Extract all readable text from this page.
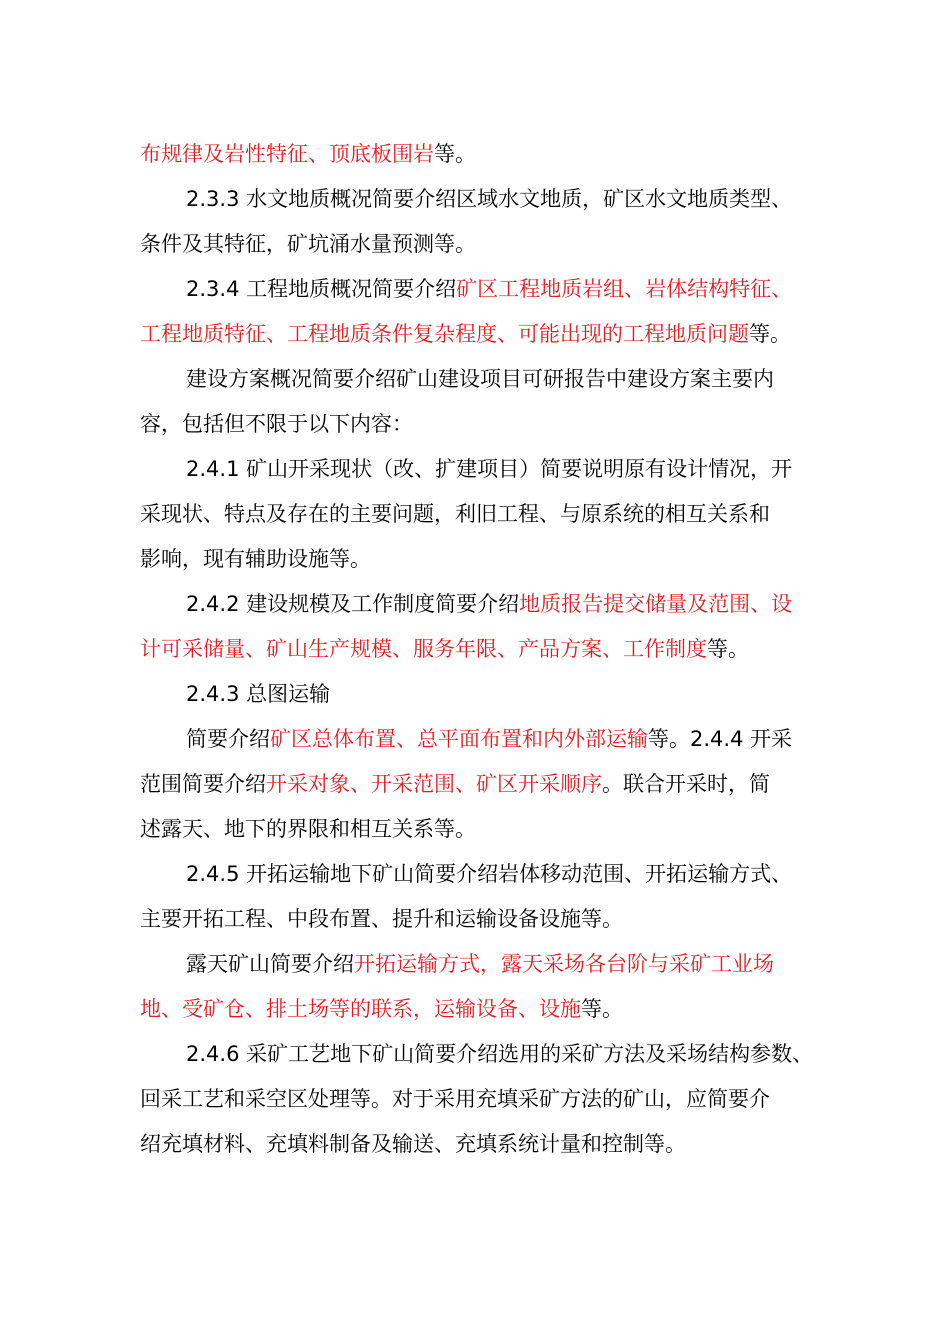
布规律及岩性特征、顶底板围岩等。
2.3.3 水文地质概况简要介绍区域水文地质，矿区水文地质类型、
条件及其特征，矿坑涌水量预测等。
2.3.4 工程地质概况简要介绍矿区工程地质岩组、岩体结构特征、
工程地质特征、工程地质条件复杂程度、可能出现的工程地质问题等。
建设方案概况简要介绍矿山建设项目可研报告中建设方案主要内
容，包括但不限于以下内容：
2.4.1 矿山开采现状（改、扩建项目）简要说明原有设计情况，开
采现状、特点及存在的主要问题，利旧工程、与原系统的相互关系和
影响，现有辅助设施等。
2.4.2 建设规模及工作制度简要介绍地质报告提交储量及范围、设
计可采储量、矿山生产规模、服务年限、产品方案、工作制度等。
2.4.3 总图运输
简要介绍矿区总体布置、总平面布置和内外部运输等。2.4.4 开采
范围简要介绍开采对象、开采范围、矿区开采顺序。联合开采时，简
述露天、地下的界限和相互关系等。
2.4.5 开拓运输地下矿山简要介绍岩体移动范围、开拓运输方式、
主要开拓工程、中段布置、提升和运输设备设施等。
露天矿山简要介绍开拓运输方式，露天采场各台阶与采矿工业场
地、受矿仓、排土场等的联系，运输设备、设施等。
2.4.6 采矿工艺地下矿山简要介绍选用的采矿方法及采场结构参数、
回采工艺和采空区处理等。对于采用充填采矿方法的矿山，应简要介
绍充填材料、充填料制备及输送、充填系统计量和控制等。
